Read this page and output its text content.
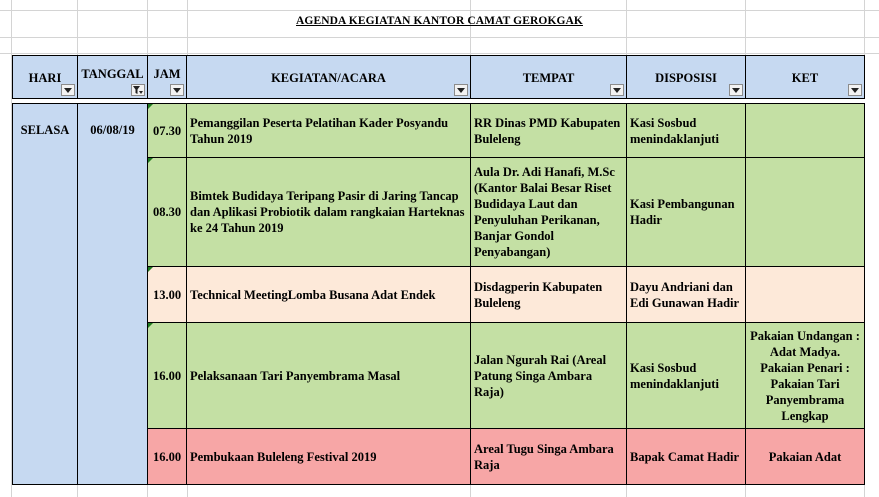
AGENDA KEGIATAN KANTOR CAMAT GEROKGAK
HARI	TANGGAL	JAM	KEGIATAN/ACARA	TEMPAT	DISPOSISI	KET

SELASA	06/08/19	07.30	Pemanggilan Peserta Pelatihan Kader Posyandu Tahun 2019	RR Dinas PMD Kabupaten Buleleng	Kasi Sosbud menindaklanjuti	

08.30	Bimtek Budidaya Teripang Pasir di Jaring Tancap dan Aplikasi Probiotik dalam rangkaian Harteknas ke 24 Tahun 2019	Aula Dr. Adi Hanafi, M.Sc (Kantor Balai Besar Riset Budidaya Laut dan Penyuluhan Perikanan, Banjar Gondol Penyabangan)	Kasi Pembangunan Hadir	

13.00	Technical MeetingLomba Busana Adat Endek	Disdagperin Kabupaten Buleleng	Dayu Andriani dan Edi Gunawan Hadir	

16.00	Pelaksanaan Tari Panyembrama Masal	Jalan Ngurah Rai (Areal Patung Singa Ambara Raja)	Kasi Sosbud menindaklanjuti	Pakaian Undangan : Adat Madya. Pakaian Penari : Pakaian Tari Panyembrama Lengkap
		16.00	Pembukaan Buleleng Festival 2019	Areal Tugu Singa Ambara Raja	Bapak Camat Hadir	Pakaian Adat
